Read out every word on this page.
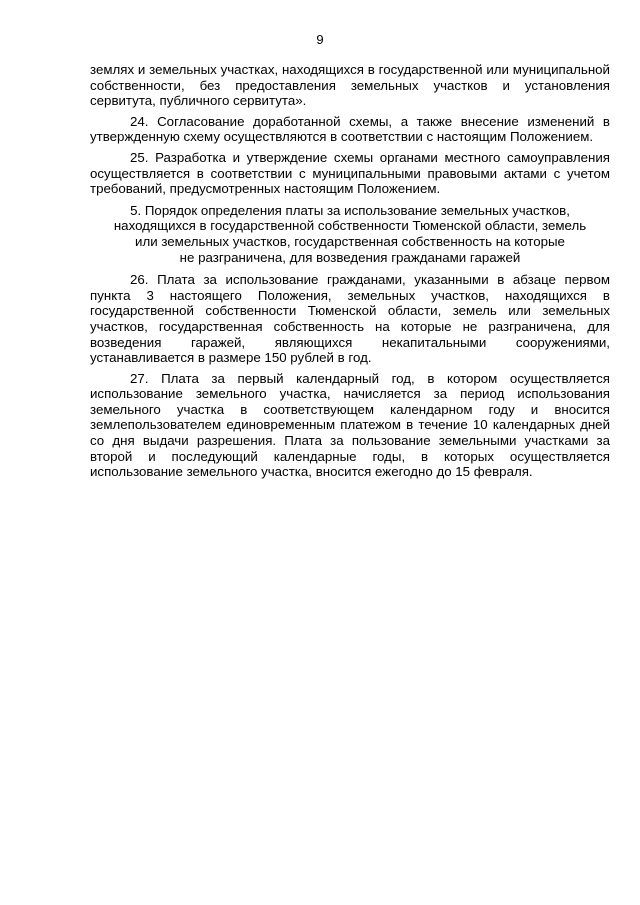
9

землях и земельных участках, находящихся в государственной или муниципальной собственности, без предоставления земельных участков и установления сервитута, публичного сервитута».

24. Согласование доработанной схемы, а также внесение изменений в утвержденную схему осуществляются в соответствии с настоящим Положением.

25. Разработка и утверждение схемы органами местного самоуправления осуществляется в соответствии с муниципальными правовыми актами с учетом требований, предусмотренных настоящим Положением.

5. Порядок определения платы за использование земельных участков,
находящихся в государственной собственности Тюменской области, земель
или земельных участков, государственная собственность на которые
не разграничена, для возведения гражданами гаражей

26. Плата за использование гражданами, указанными в абзаце первом пункта 3 настоящего Положения, земельных участков, находящихся в государственной собственности Тюменской области, земель или земельных участков, государственная собственность на которые не разграничена, для возведения гаражей, являющихся некапитальными сооружениями, устанавливается в размере 150 рублей в год.

27. Плата за первый календарный год, в котором осуществляется использование земельного участка, начисляется за период использования земельного участка в соответствующем календарном году и вносится землепользователем единовременным платежом в течение 10 календарных дней со дня выдачи разрешения. Плата за пользование земельными участками за второй и последующий календарные годы, в которых осуществляется использование земельного участка, вносится ежегодно до 15 февраля.
